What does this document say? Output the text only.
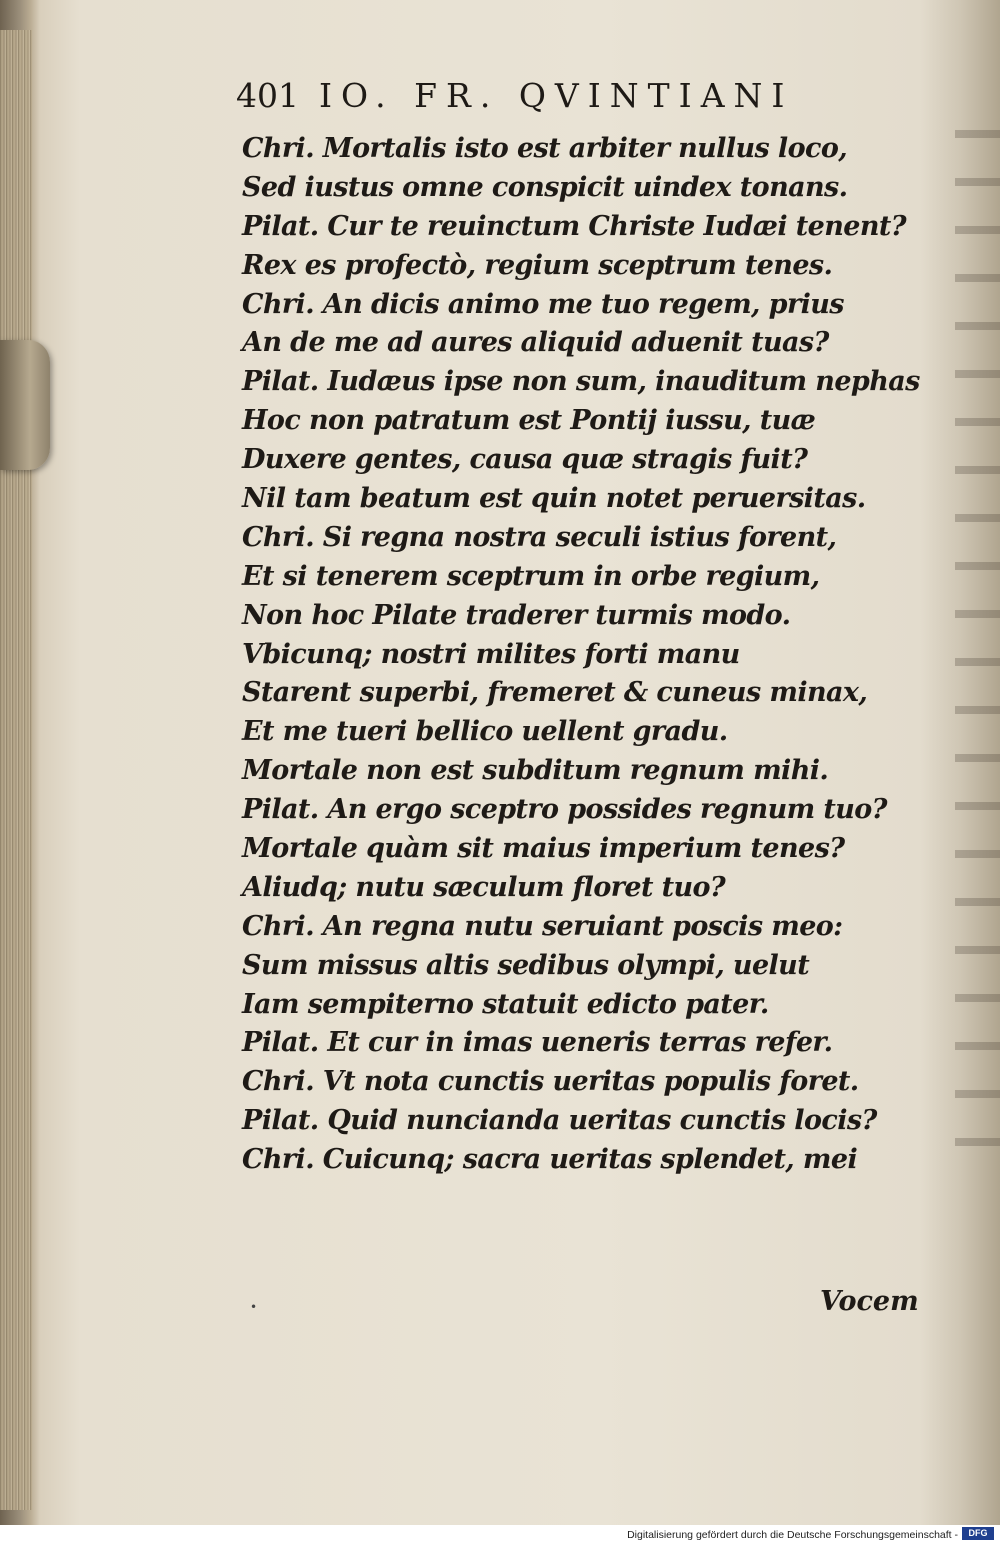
401 IO. FR. QVINTIANI
Chri. Mortalis isto est arbiter nullus loco,
Sed iustus omne conspicit uindex tonans.
Pilat. Cur te reuinctum Christe Iudæi tenent?
Rex es profectò, regium sceptrum tenes.
Chri. An dicis animo me tuo regem, prius
An de me ad aures aliquid aduenit tuas?
Pilat. Iudæus ipse non sum, inauditum nephas
Hoc non patratum est Pontij iussu, tuæ
Duxere gentes, causa quæ stragis fuit?
Nil tam beatum est quin notet peruersitas.
Chri. Si regna nostra seculi istius forent,
Et si tenerem sceptrum in orbe regium,
Non hoc Pilate traderer turmis modo.
Vbicunq; nostri milites forti manu
Starent superbi, fremeret & cuneus minax,
Et me tueri bellico uellent gradu.
Mortale non est subditum regnum mihi.
Pilat. An ergo sceptro possides regnum tuo?
Mortale quàm sit maius imperium tenes?
Aliudq; nutu sæculum floret tuo?
Chri. An regna nutu seruiant poscis meo:
Sum missus altis sedibus olympi, uelut
Iam sempiterno statuit edicto pater.
Pilat. Et cur in imas ueneris terras refer.
Chri. Vt nota cunctis ueritas populis foret.
Pilat. Quid nuncianda ueritas cunctis locis?
Chri. Cuicunq; sacra ueritas splendet, mei
•	Vocem
Digitalisierung gefördert durch die Deutsche Forschungsgemeinschaft -	DFG
